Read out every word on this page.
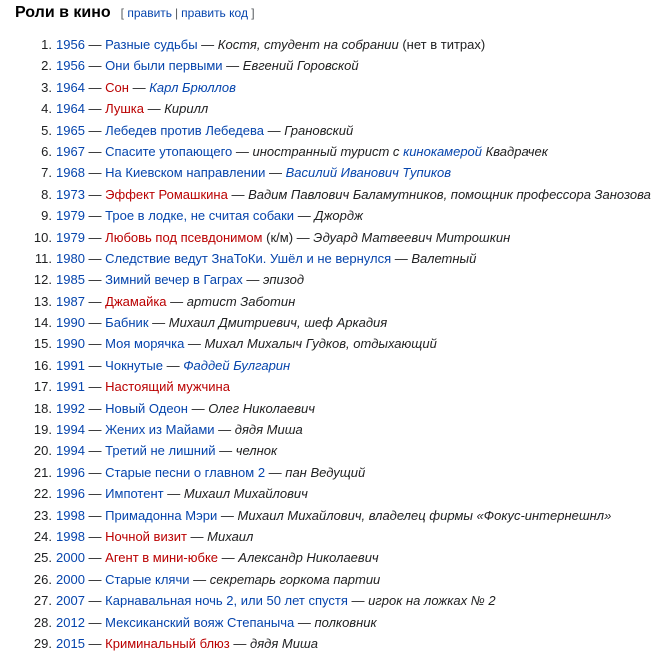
Роли в кино [ править | править код ]
1. 1956 — Разные судьбы — Костя, студент на собрании (нет в титрах)
2. 1956 — Они были первыми — Евгений Горовской
3. 1964 — Сон — Карл Брюллов
4. 1964 — Лушка — Кирилл
5. 1965 — Лебедев против Лебедева — Грановский
6. 1967 — Спасите утопающего — иностранный турист с кинокамерой Квадрачек
7. 1968 — На Киевском направлении — Василий Иванович Тупиков
8. 1973 — Эффект Ромашкина — Вадим Павлович Баламутников, помощник профессора Занозова
9. 1979 — Трое в лодке, не считая собаки — Джордж
10. 1979 — Любовь под псевдонимом (к/м) — Эдуард Матвеевич Митрошкин
11. 1980 — Следствие ведут ЗнаТоКи. Ушёл и не вернулся — Валетный
12. 1985 — Зимний вечер в Гаграх — эпизод
13. 1987 — Джамайка — артист Заботин
14. 1990 — Бабник — Михаил Дмитриевич, шеф Аркадия
15. 1990 — Моя морячка — Михал Михалыч Гудков, отдыхающий
16. 1991 — Чокнутые — Фаддей Булгарин
17. 1991 — Настоящий мужчина
18. 1992 — Новый Одеон — Олег Николаевич
19. 1994 — Жених из Майами — дядя Миша
20. 1994 — Третий не лишний — челнок
21. 1996 — Старые песни о главном 2 — пан Ведущий
22. 1996 — Импотент — Михаил Михайлович
23. 1998 — Примадонна Мэри — Михаил Михайлович, владелец фирмы «Фокус-интернешнл»
24. 1998 — Ночной визит — Михаил
25. 2000 — Агент в мини-юбке — Александр Николаевич
26. 2000 — Старые клячи — секретарь горкома партии
27. 2007 — Карнавальная ночь 2, или 50 лет спустя — игрок на ложках № 2
28. 2012 — Мексиканский вояж Степаныча — полковник
29. 2015 — Криминальный блюз — дядя Миша
